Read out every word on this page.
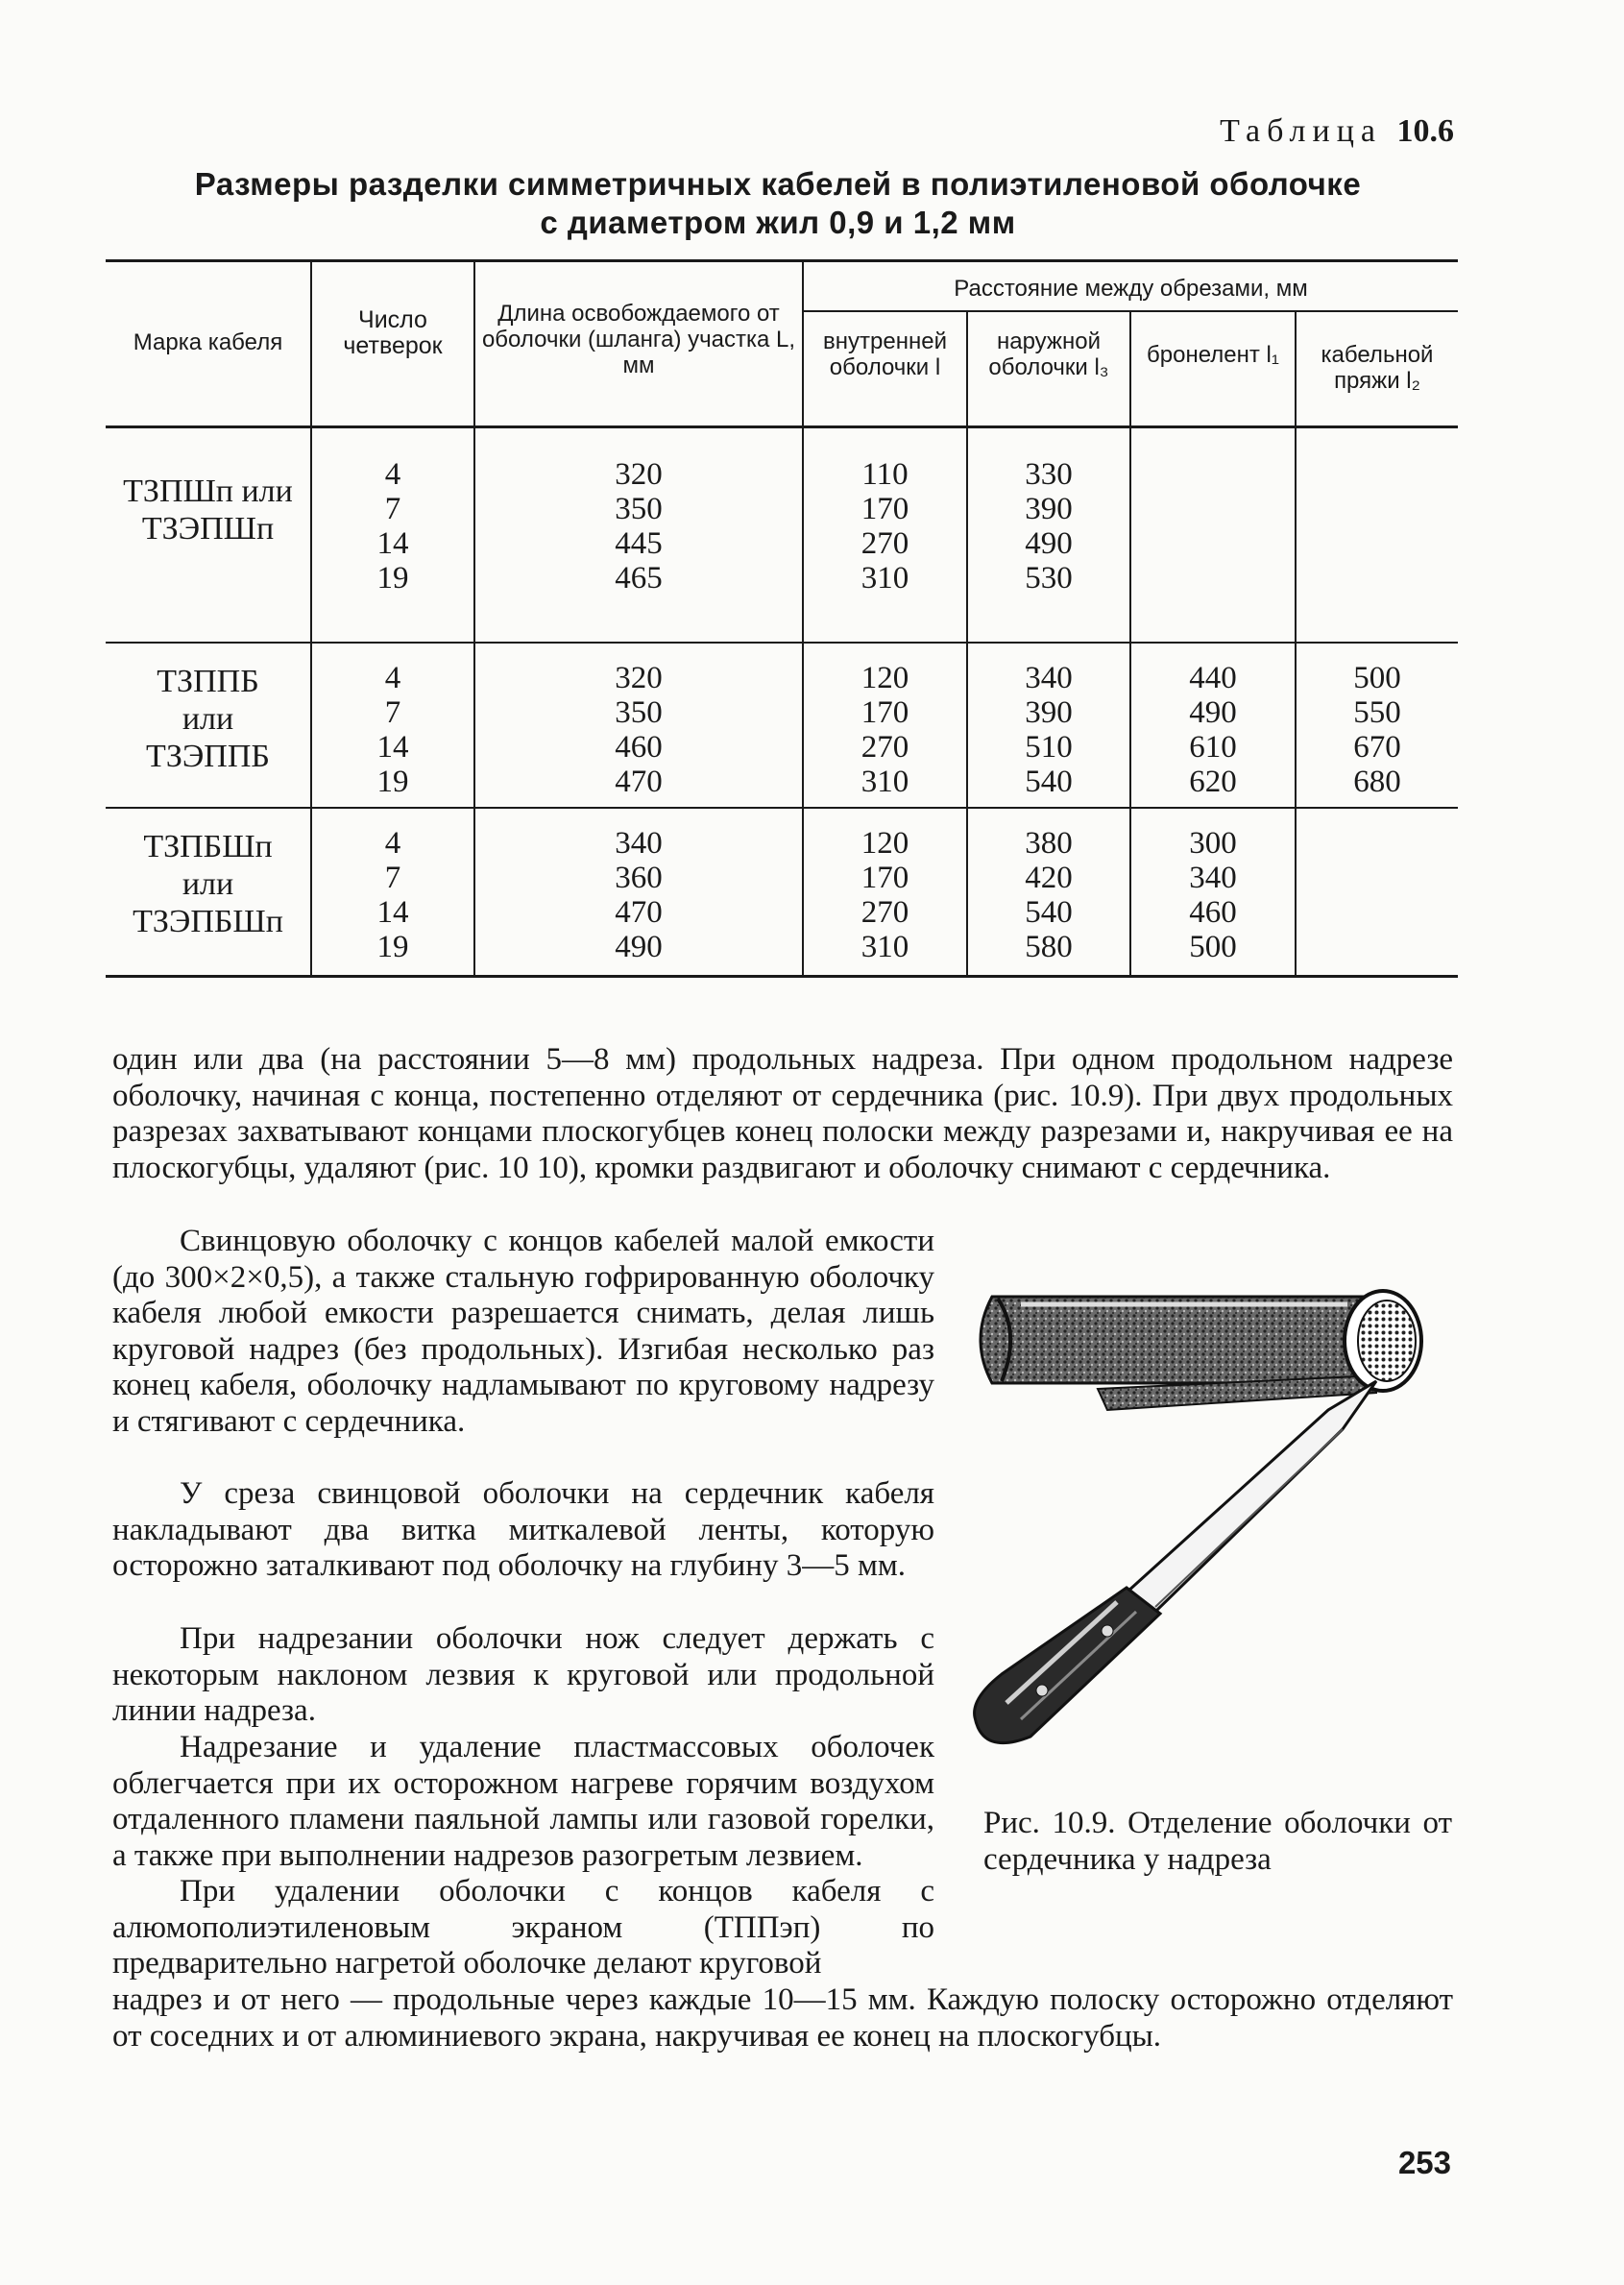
Таблица 10.6
Размеры разделки симметричных кабелей в полиэтиленовой оболочке
с диаметром жил 0,9 и 1,2 мм
Марка кабеля
Число четверок
Длина освобождаемого от оболочки (шланга) участка L, мм
Расстояние между обрезами, мм
внутренней оболочки l
наружной оболочки l₃	бронелент l₁	кабельной пряжи l₂
ТЗПШп или
ТЗЭПШп
4
7
14
19
320
350
445
465
110
170
270
310
330
390
490
530
ТЗППБ
или
ТЗЭППБ
4
7
14
19
320
350
460
470
120
170
270
310
340
390
510
540
440
490
610
620
500
550
670
680
ТЗПБШп
или
ТЗЭПБШп
4
7
14
19
340
360
470
490
120
170
270
310
380
420
540
580
300
340
460
500
один или два (на расстоянии 5—8 мм) продольных надреза. При одном продольном надрезе оболочку, начиная с конца, постепенно отделяют от сердечника (рис. 10.9). При двух продольных разрезах захватывают концами плоскогубцев конец полоски между разрезами и, накручивая ее на плоскогубцы, удаляют (рис. 10 10), кромки раздвигают и оболочку снимают с сердечника.
Свинцовую оболочку с концов кабелей малой емкости (до 300×2×0,5), а также стальную гофрированную оболочку кабеля любой емкости разрешается снимать, делая лишь круговой надрез (без продольных). Изгибая несколько раз конец кабеля, оболочку надламывают по круговому надрезу и стягивают с сердечника.
У среза свинцовой оболочки на сердечник кабеля накладывают два витка миткалевой ленты, которую осторожно заталкивают под оболочку на глубину 3—5 мм.
При надрезании оболочки нож следует держать с некоторым наклоном лезвия к круговой или продольной линии надреза.
Надрезание и удаление пластмассовых оболочек облегчается при их осторожном нагреве горячим воздухом отдаленного пламени паяльной лампы или газовой горелки, а также при выполнении надрезов разогретым лезвием.
При удалении оболочки с концов кабеля с алюмополиэтиленовым экраном (ТППэп) по предварительно нагретой оболочке делают круговой
надрез и от него — продольные через каждые 10—15 мм. Каждую полоску осторожно отделяют от соседних и от алюминиевого экрана, накручивая ее конец на плоскогубцы.
Рис. 10.9. Отделение оболочки от сердечника у надреза
253
